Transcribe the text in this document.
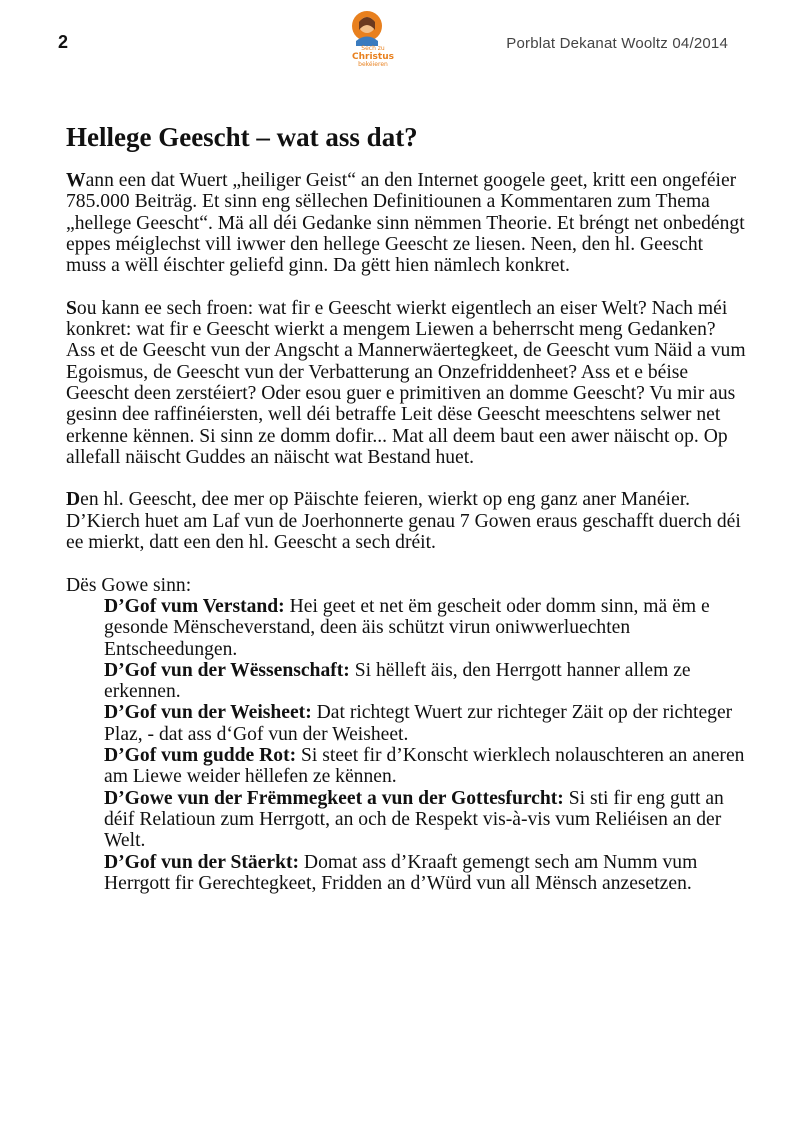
2	Sech zu
Christus
bekéieren
Porblat Dekanat Wooltz 04/2014
Hellege Geescht – wat ass dat?

Wann een dat Wuert „heiliger Geist“ an den Internet googele geet, kritt een ongeféier 785.000 Beiträg. Et sinn eng sëllechen Definitiounen a Kommentaren zum Thema „hellege Geescht“. Mä all déi Gedanke sinn nëmmen Theorie. Et bréngt net onbedéngt eppes méiglechst vill iwwer den hellege Geescht ze liesen. Neen, den hl. Geescht muss a wëll éischter geliefd ginn. Da gëtt hien nämlech konkret.

Sou kann ee sech froen: wat fir e Geescht wierkt eigentlech an eiser Welt? Nach méi konkret: wat fir e Geescht wierkt a mengem Liewen a beherrscht meng Gedanken? Ass et de Geescht vun der Angscht a Mannerwäertegkeet, de Geescht vum Näid a vum Egoismus, de Geescht vun der Verbatterung an Onzefriddenheet? Ass et e béise Geescht deen zerstéiert? Oder esou guer e primitiven an domme Geescht? Vu mir aus gesinn dee raffinéiersten, well déi betraffe Leit dëse Geescht meeschtens selwer net erkenne kënnen. Si sinn ze domm dofir... Mat all deem baut een awer näischt op. Op allefall näischt Guddes an näischt wat Bestand huet.

Den hl. Geescht, dee mer op Päischte feieren, wierkt op eng ganz aner Manéier. D’Kierch huet am Laf vun de Joerhonnerte genau 7 Gowen eraus geschafft duerch déi ee mierkt, datt een den hl. Geescht a sech dréit.

Dës Gowe sinn:

D’Gof vum Verstand: Hei geet et net ëm gescheit oder domm sinn, mä ëm e gesonde Mënscheverstand, deen äis schützt virun oniwwerluechten Entscheedungen.
D’Gof vun der Wëssenschaft: Si hëlleft äis, den Herrgott hanner allem ze erkennen.
D’Gof vun der Weisheet: Dat richtegt Wuert zur richteger Zäit op der richteger Plaz, - dat ass d‘Gof vun der Weisheet.
D’Gof vum gudde Rot: Si steet fir d’Konscht wierklech nolauschteren an aneren am Liewe weider hëllefen ze kënnen.
D’Gowe vun der Frëmmegkeet a vun der Gottesfurcht: Si sti fir eng gutt an déif Relatioun zum Herrgott, an och de Respekt vis-à-vis vum Reliéisen an der Welt.
D’Gof vun der Stäerkt: Domat ass d’Kraaft gemengt sech am Numm vum Herrgott fir Gerechtegkeet, Fridden an d’Würd vun all Mënsch anzesetzen.
